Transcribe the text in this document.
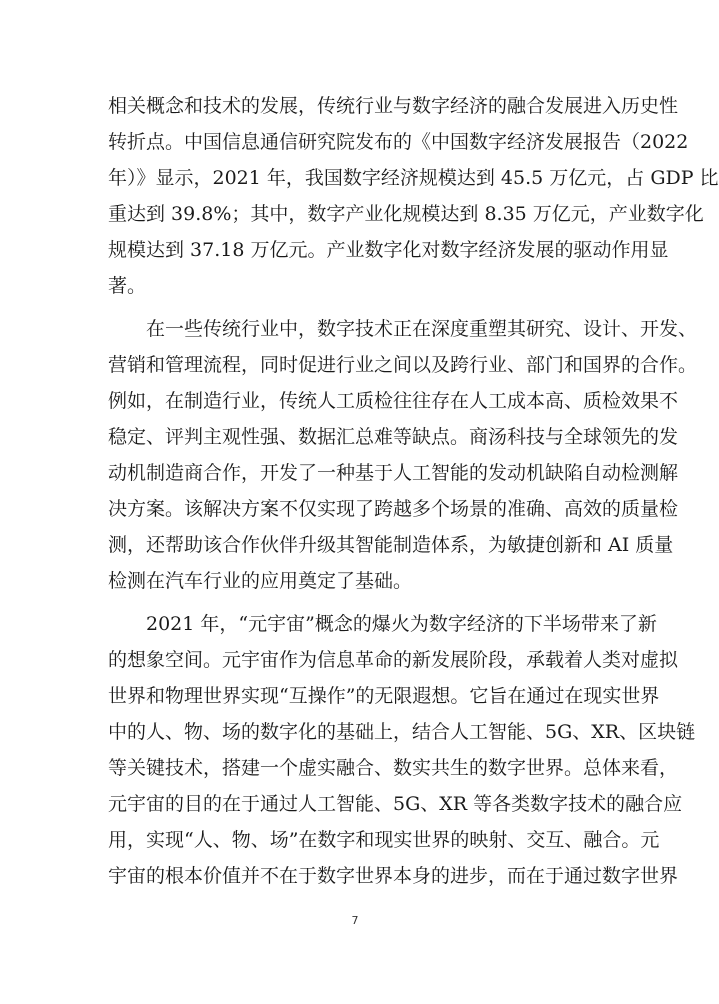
相关概念和技术的发展，传统行业与数字经济的融合发展进入历史性
转折点。中国信息通信研究院发布的《中国数字经济发展报告（2022
年）》显示，2021 年，我国数字经济规模达到 45.5 万亿元，占 GDP 比
重达到 39.8%；其中，数字产业化规模达到 8.35 万亿元，产业数字化
规模达到 37.18 万亿元。产业数字化对数字经济发展的驱动作用显
著。
在一些传统行业中，数字技术正在深度重塑其研究、设计、开发、
营销和管理流程，同时促进行业之间以及跨行业、部门和国界的合作。
例如，在制造行业，传统人工质检往往存在人工成本高、质检效果不
稳定、评判主观性强、数据汇总难等缺点。商汤科技与全球领先的发
动机制造商合作，开发了一种基于人工智能的发动机缺陷自动检测解
决方案。该解决方案不仅实现了跨越多个场景的准确、高效的质量检
测，还帮助该合作伙伴升级其智能制造体系，为敏捷创新和 AI 质量
检测在汽车行业的应用奠定了基础。
2021 年，“元宇宙”概念的爆火为数字经济的下半场带来了新
的想象空间。元宇宙作为信息革命的新发展阶段，承载着人类对虚拟
世界和物理世界实现“互操作”的无限遐想。它旨在通过在现实世界
中的人、物、场的数字化的基础上，结合人工智能、5G、XR、区块链
等关键技术，搭建一个虚实融合、数实共生的数字世界。总体来看，
元宇宙的目的在于通过人工智能、5G、XR 等各类数字技术的融合应
用，实现“人、物、场”在数字和现实世界的映射、交互、融合。元
宇宙的根本价值并不在于数字世界本身的进步，而在于通过数字世界
7
